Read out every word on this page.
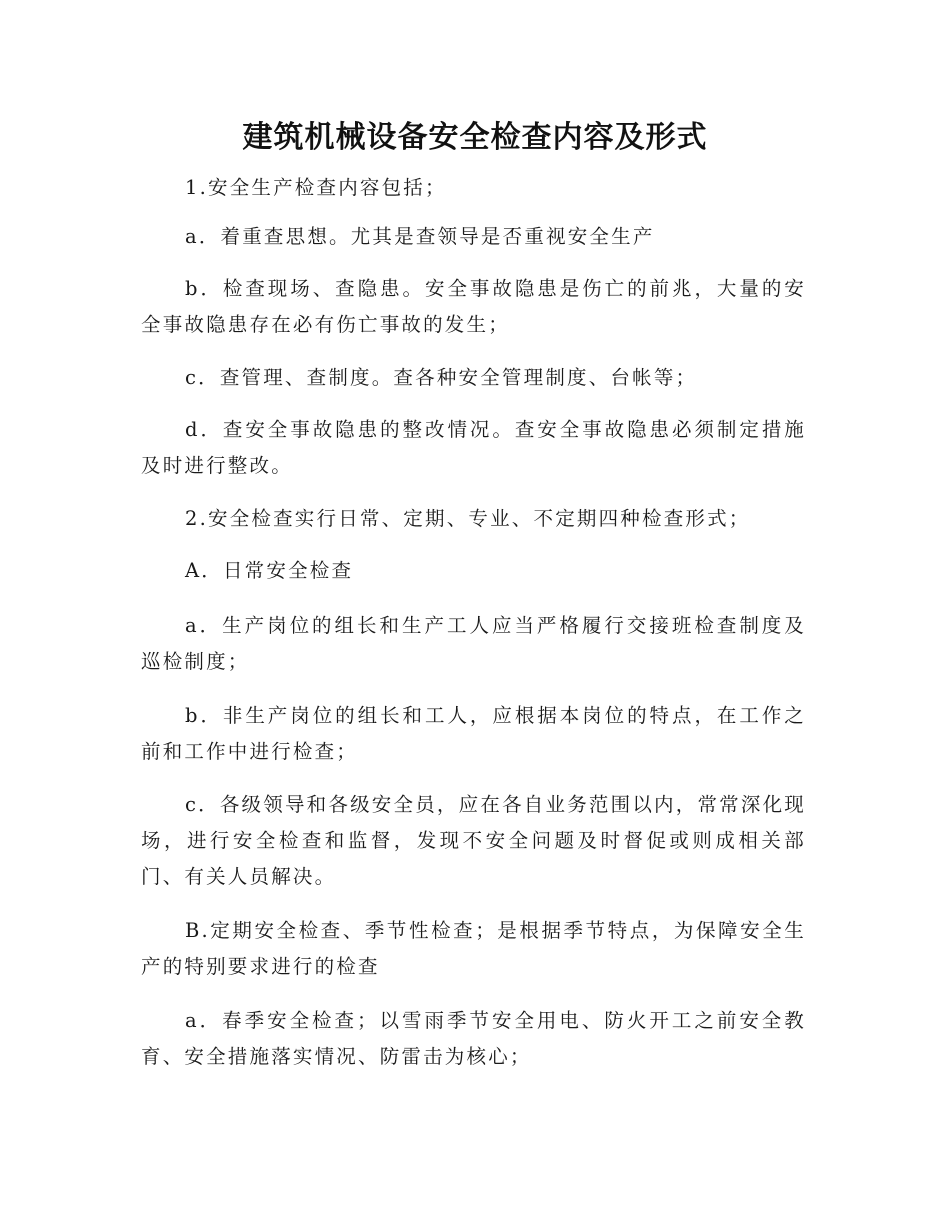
建筑机械设备安全检查内容及形式

1.安全生产检查内容包括；

a．着重查思想。尤其是查领导是否重视安全生产

b．检查现场、查隐患。安全事故隐患是伤亡的前兆，大量的安全事故隐患存在必有伤亡事故的发生；

c．查管理、查制度。查各种安全管理制度、台帐等；

d．查安全事故隐患的整改情况。查安全事故隐患必须制定措施及时进行整改。

2.安全检查实行日常、定期、专业、不定期四种检查形式；

A．日常安全检查

a．生产岗位的组长和生产工人应当严格履行交接班检查制度及巡检制度；

b．非生产岗位的组长和工人，应根据本岗位的特点，在工作之前和工作中进行检查；

c．各级领导和各级安全员，应在各自业务范围以内，常常深化现场，进行安全检查和监督，发现不安全问题及时督促或则成相关部门、有关人员解决。

B.定期安全检查、季节性检查；是根据季节特点，为保障安全生产的特别要求进行的检查

a．春季安全检查；以雪雨季节安全用电、防火开工之前安全教育、安全措施落实情况、防雷击为核心；
